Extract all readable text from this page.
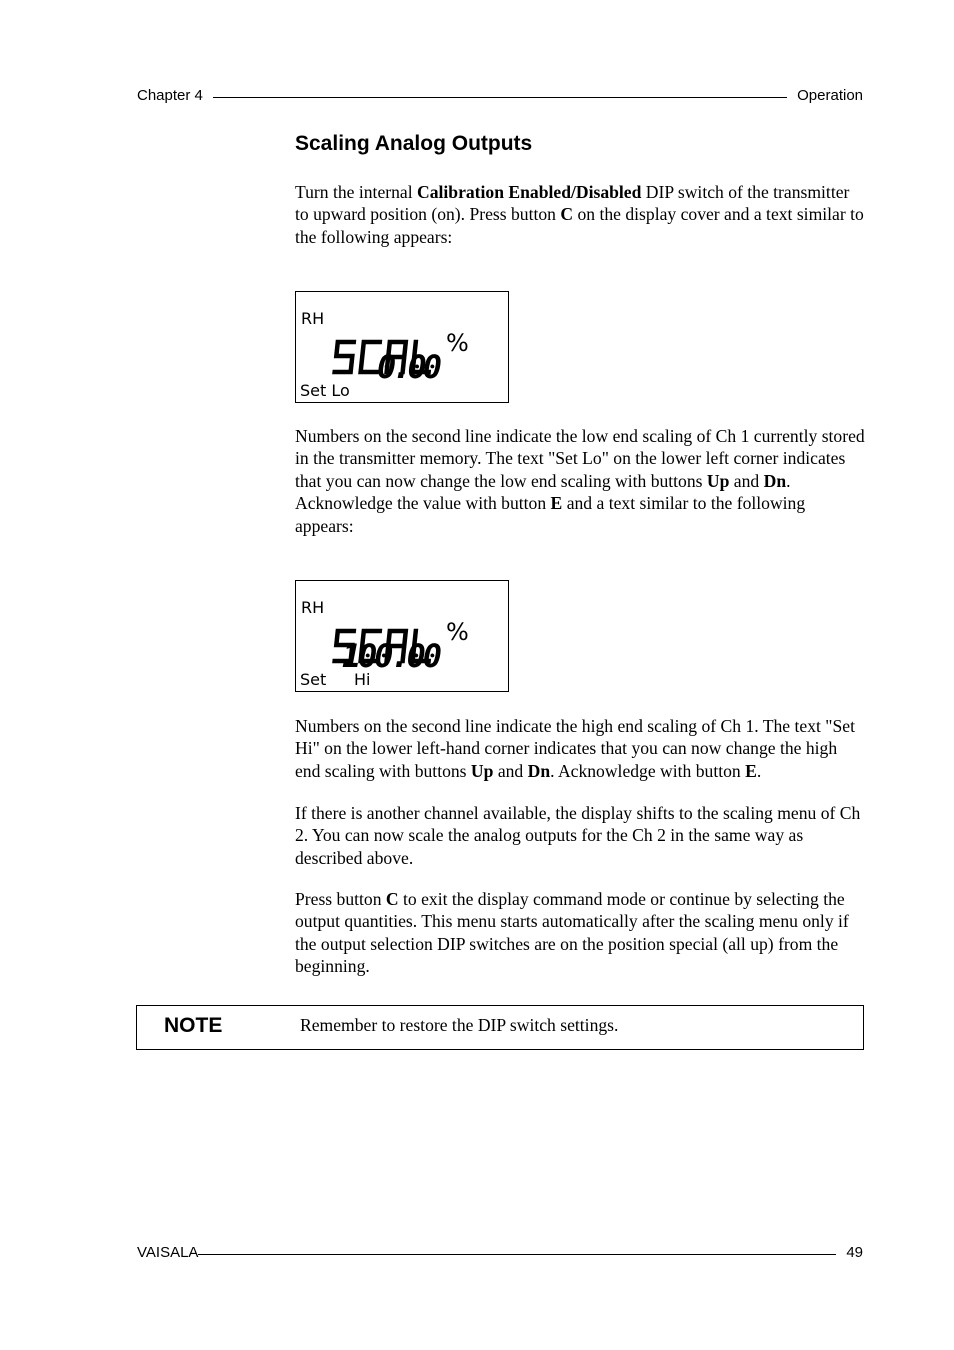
Chapter 4	Operation
Scaling Analog Outputs

Turn the internal Calibration Enabled/Disabled DIP switch of the transmitter to upward position (on). Press button C on the display cover and a text similar to the following appears:

RH
%
0.00
Set Lo

Numbers on the second line indicate the low end scaling of Ch 1 currently stored in the transmitter memory. The text "Set Lo" on the lower left corner indicates that you can now change the low end scaling with buttons Up and Dn. Acknowledge the value with button E and a text similar to the following appears:

RH
%
100.00
Set Hi

Numbers on the second line indicate the high end scaling of Ch 1. The text "Set Hi" on the lower left-hand corner indicates that you can now change the high end scaling with buttons Up and Dn. Acknowledge with button E.

If there is another channel available, the display shifts to the scaling menu of Ch 2. You can now scale the analog outputs for the Ch 2 in the same way as described above.

Press button C to exit the display command mode or continue by selecting the output quantities. This menu starts automatically after the scaling menu only if the output selection DIP switches are on the position special (all up) from the beginning.

NOTE	Remember to restore the DIP switch settings.
VAISALA	49
